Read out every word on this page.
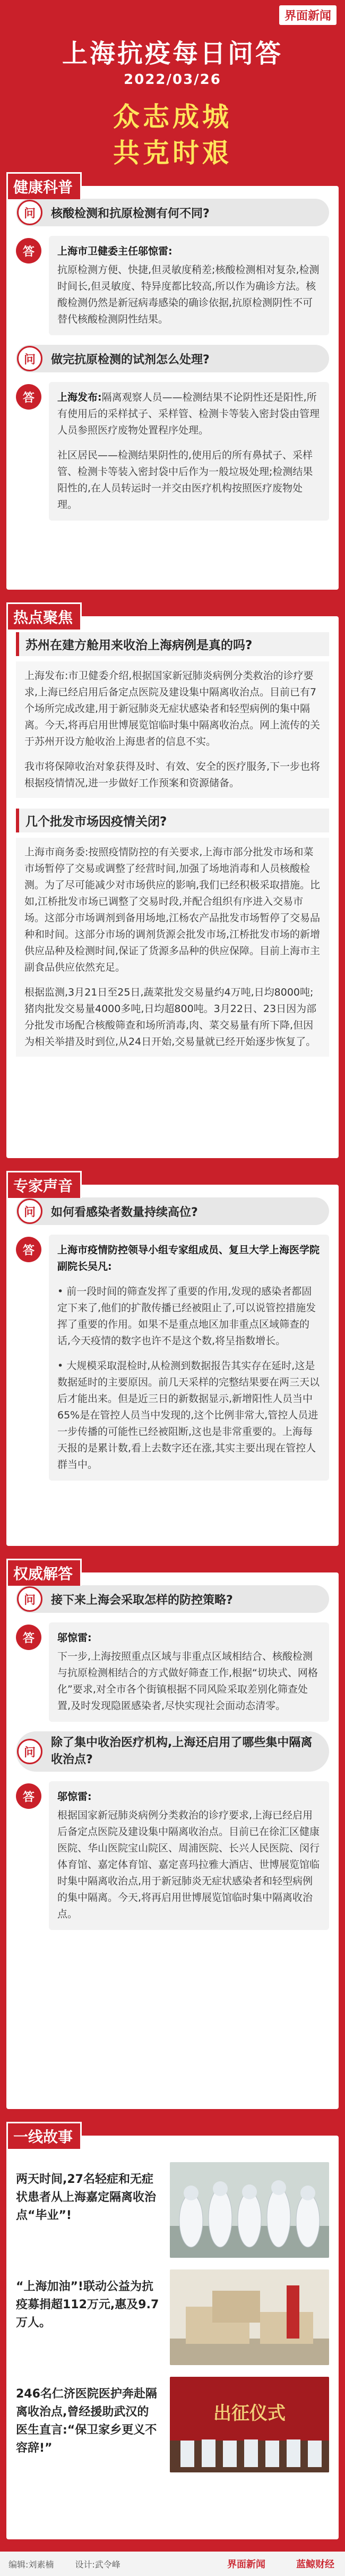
界面新闻
上海抗疫每日问答
2022/03/26
众志成城
共克时艰
健康科普
问	核酸检测和抗原检测有何不同?
答	上海市卫健委主任邬惊雷:

抗原检测方便、快捷,但灵敏度稍差;核酸检测相对复杂,检测时间长,但灵敏度、特异度都比较高,所以作为确诊方法。核酸检测仍然是新冠病毒感染的确诊依据,抗原检测阴性不可替代核酸检测阴性结果。

问	做完抗原检测的试剂怎么处理?
答	上海发布:隔离观察人员——检测结果不论阴性还是阳性,所有使用后的采样拭子、采样管、检测卡等装入密封袋由管理人员参照医疗废物处置程序处理。

社区居民——检测结果阴性的,使用后的所有鼻拭子、采样管、检测卡等装入密封袋中后作为一般垃圾处理;检测结果阳性的,在人员转运时一并交由医疗机构按照医疗废物处理。

热点聚焦
苏州在建方舱用来收治上海病例是真的吗?

上海发布:市卫健委介绍,根据国家新冠肺炎病例分类救治的诊疗要求,上海已经启用后备定点医院及建设集中隔离收治点。目前已有7个场所完成改建,用于新冠肺炎无症状感染者和轻型病例的集中隔离。今天,将再启用世博展览馆临时集中隔离收治点。网上流传的关于苏州开设方舱收治上海患者的信息不实。

我市将保障收治对象获得及时、有效、安全的医疗服务,下一步也将根据疫情情况,进一步做好工作预案和资源储备。

几个批发市场因疫情关闭?

上海市商务委:按照疫情防控的有关要求,上海市部分批发市场和菜市场暂停了交易或调整了经营时间,加强了场地消毒和人员核酸检测。为了尽可能减少对市场供应的影响,我们已经积极采取措施。比如,江桥批发市场已调整了交易时段,并配合组织有序进入交易市场。这部分市场调剂到备用场地,江杨农产品批发市场暂停了交易品种和时间。这部分市场的调剂货源会批发市场,江桥批发市场的新增供应品种及检测时间,保证了货源多品种的供应保障。目前上海市主副食品供应依然充足。

根据监测,3月21日至25日,蔬菜批发交易量约4万吨,日均8000吨;猪肉批发交易量4000多吨,日均超800吨。3月22日、23日因为部分批发市场配合核酸筛查和场所消毒,肉、菜交易量有所下降,但因为相关举措及时到位,从24日开始,交易量就已经开始逐步恢复了。

专家声音
问	如何看感染者数量持续高位?
答	上海市疫情防控领导小组专家组成员、复旦大学上海医学院副院长吴凡:

• 前一段时间的筛查发挥了重要的作用,发现的感染者都固定下来了,他们的扩散传播已经被阻止了,可以说管控措施发挥了重要的作用。如果不是重点地区加非重点区域筛查的话,今天疫情的数字也许不是这个数,将呈指数增长。

• 大规模采取混检时,从检测到数据报告其实存在延时,这是数据延时的主要原因。前几天采样的完整结果要在两三天以后才能出来。但是近三日的新数据显示,新增阳性人员当中65%是在管控人员当中发现的,这个比例非常大,管控人员进一步传播的可能性已经被阻断,这也是非常重要的。上海每天报的是累计数,看上去数字还在涨,其实主要出现在管控人群当中。

权威解答
问	接下来上海会采取怎样的防控策略?
答	邬惊雷:

下一步,上海按照重点区域与非重点区域相结合、核酸检测与抗原检测相结合的方式做好筛查工作,根据“切块式、网格化”要求,对全市各个街镇根据不同风险采取差别化筛查处置,及时发现隐匿感染者,尽快实现社会面动态清零。

问
除了集中收治医疗机构,上海还启用了哪些集中隔离收治点?
答	邬惊雷:

根据国家新冠肺炎病例分类救治的诊疗要求,上海已经启用后备定点医院及建设集中隔离收治点。目前已在徐汇区健康医院、华山医院宝山院区、周浦医院、长兴人民医院、闵行体育馆、嘉定体育馆、嘉定喜玛拉雅大酒店、世博展览馆临时集中隔离收治点,用于新冠肺炎无症状感染者和轻型病例的集中隔离。今天,将再启用世博展览馆临时集中隔离收治点。

一线故事
两天时间,27名轻症和无症状患者从上海嘉定隔离收治点“毕业”!
“上海加油”!联动公益为抗疫募捐超112万元,惠及9.7万人。
246名仁济医院医护奔赴隔离收治点,曾经援助武汉的医生直言:“保卫家乡更义不容辞!”
出征仪式
编辑:刘素楠	设计:武令峰	界面新闻	蓝鲸财经
